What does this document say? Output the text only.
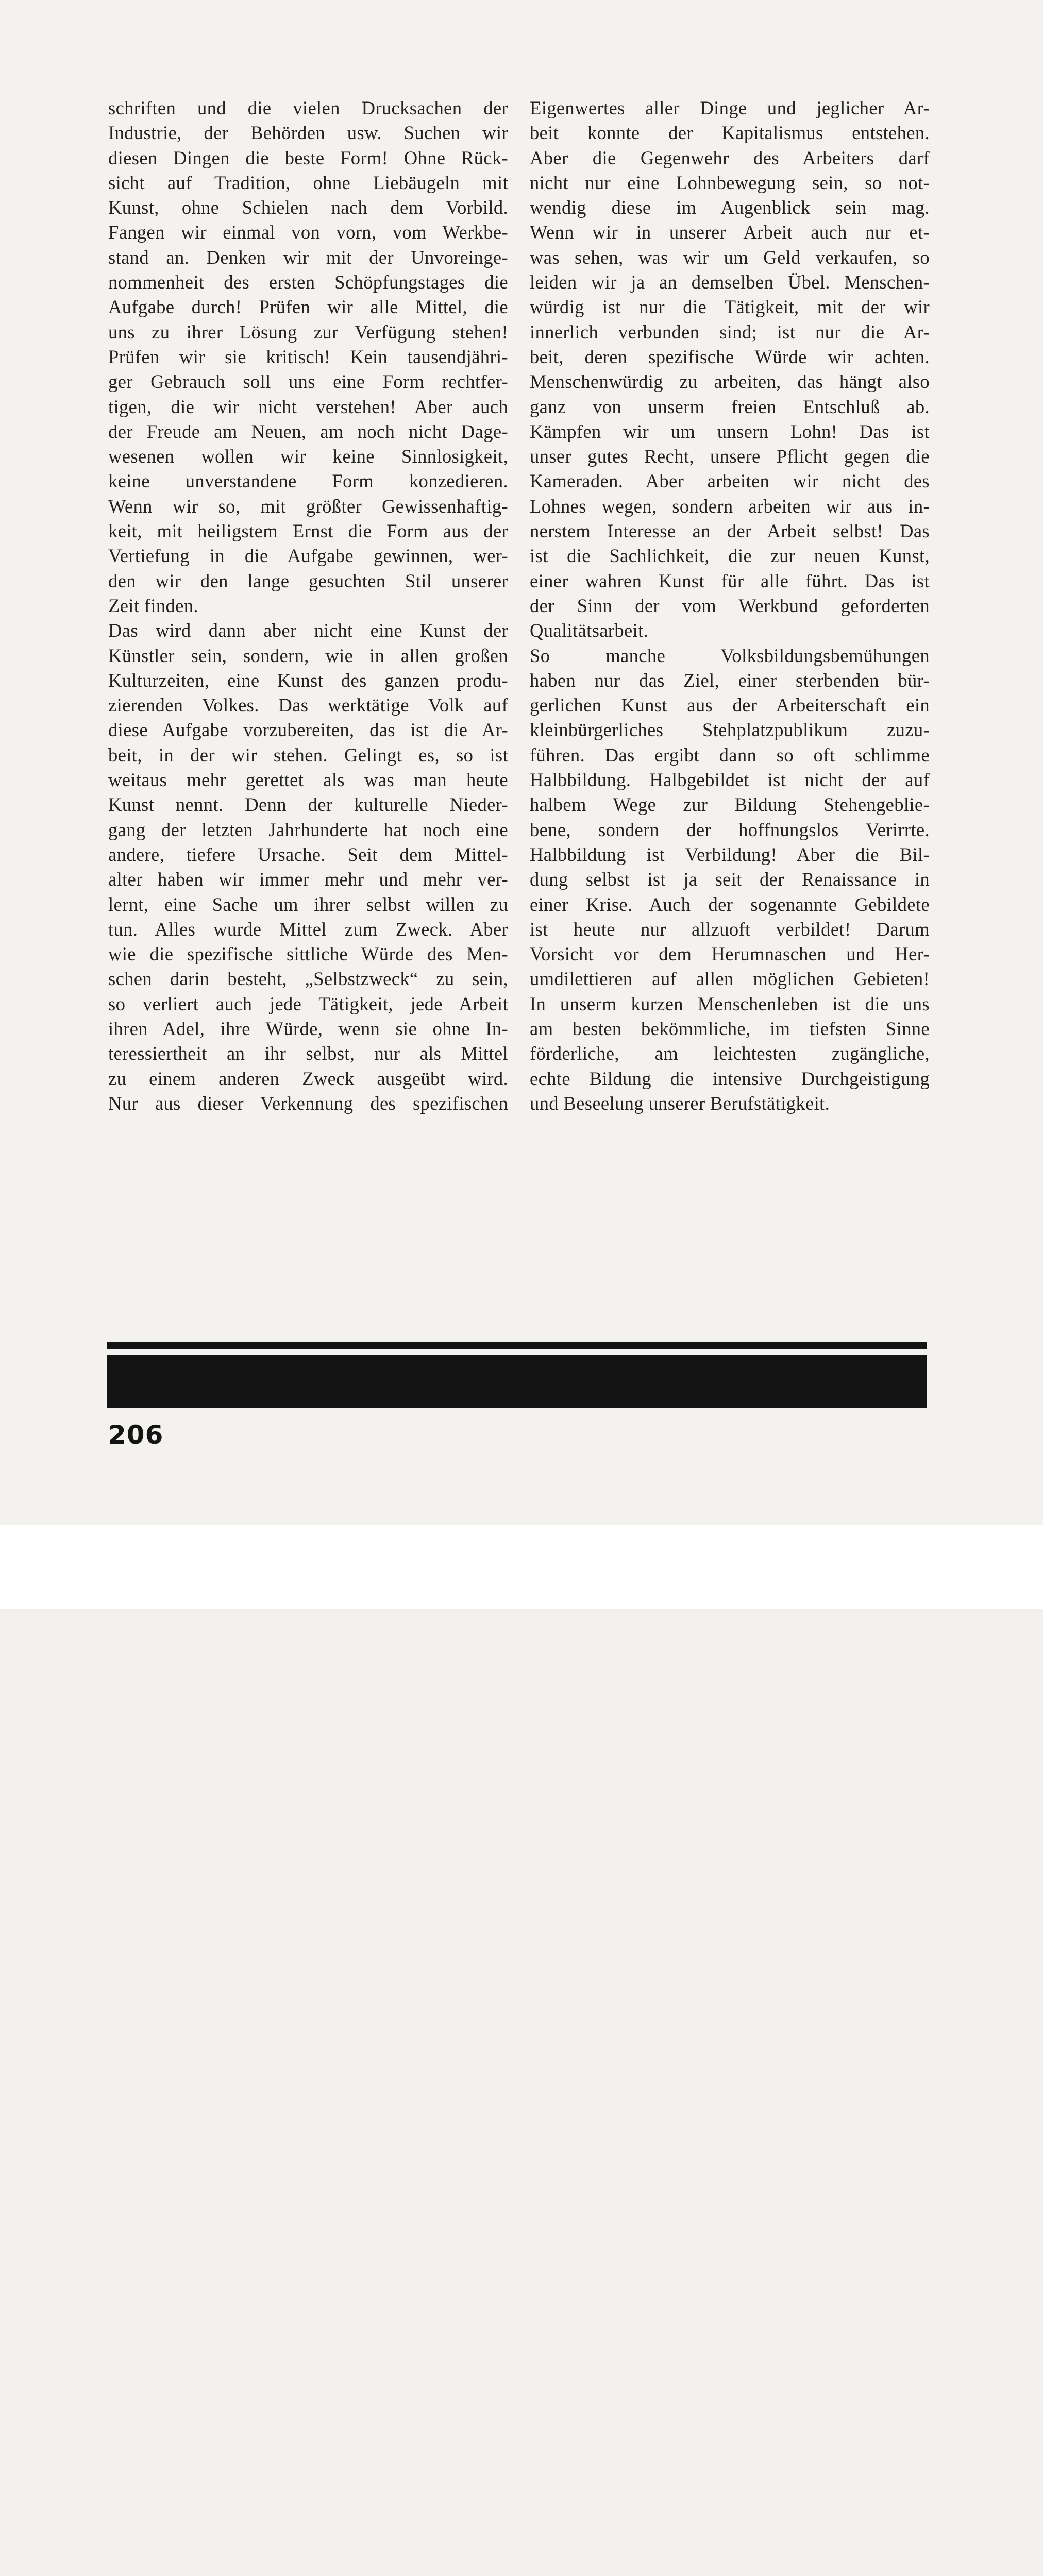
schriften und die vielen Drucksachen der
Industrie, der Behörden usw. Suchen wir
diesen Dingen die beste Form! Ohne Rück-
sicht auf Tradition, ohne Liebäugeln mit
Kunst, ohne Schielen nach dem Vorbild.
Fangen wir einmal von vorn, vom Werkbe-
stand an. Denken wir mit der Unvoreinge-
nommenheit des ersten Schöpfungstages die
Aufgabe durch! Prüfen wir alle Mittel, die
uns zu ihrer Lösung zur Verfügung stehen!
Prüfen wir sie kritisch! Kein tausendjähri-
ger Gebrauch soll uns eine Form rechtfer-
tigen, die wir nicht verstehen! Aber auch
der Freude am Neuen, am noch nicht Dage-
wesenen wollen wir keine Sinnlosigkeit,
keine unverstandene Form konzedieren.
Wenn wir so, mit größter Gewissenhaftig-
keit, mit heiligstem Ernst die Form aus der
Vertiefung in die Aufgabe gewinnen, wer-
den wir den lange gesuchten Stil unserer
Zeit finden.
Das wird dann aber nicht eine Kunst der
Künstler sein, sondern, wie in allen großen
Kulturzeiten, eine Kunst des ganzen produ-
zierenden Volkes. Das werktätige Volk auf
diese Aufgabe vorzubereiten, das ist die Ar-
beit, in der wir stehen. Gelingt es, so ist
weitaus mehr gerettet als was man heute
Kunst nennt. Denn der kulturelle Nieder-
gang der letzten Jahrhunderte hat noch eine
andere, tiefere Ursache. Seit dem Mittel-
alter haben wir immer mehr und mehr ver-
lernt, eine Sache um ihrer selbst willen zu
tun. Alles wurde Mittel zum Zweck. Aber
wie die spezifische sittliche Würde des Men-
schen darin besteht, „Selbstzweck“ zu sein,
so verliert auch jede Tätigkeit, jede Arbeit
ihren Adel, ihre Würde, wenn sie ohne In-
teressiertheit an ihr selbst, nur als Mittel
zu einem anderen Zweck ausgeübt wird.
Nur aus dieser Verkennung des spezifischen
Eigenwertes aller Dinge und jeglicher Ar-
beit konnte der Kapitalismus entstehen.
Aber die Gegenwehr des Arbeiters darf
nicht nur eine Lohnbewegung sein, so not-
wendig diese im Augenblick sein mag.
Wenn wir in unserer Arbeit auch nur et-
was sehen, was wir um Geld verkaufen, so
leiden wir ja an demselben Übel. Menschen-
würdig ist nur die Tätigkeit, mit der wir
innerlich verbunden sind; ist nur die Ar-
beit, deren spezifische Würde wir achten.
Menschenwürdig zu arbeiten, das hängt also
ganz von unserm freien Entschluß ab.
Kämpfen wir um unsern Lohn! Das ist
unser gutes Recht, unsere Pflicht gegen die
Kameraden. Aber arbeiten wir nicht des
Lohnes wegen, sondern arbeiten wir aus in-
nerstem Interesse an der Arbeit selbst! Das
ist die Sachlichkeit, die zur neuen Kunst,
einer wahren Kunst für alle führt. Das ist
der Sinn der vom Werkbund geforderten
Qualitätsarbeit.
So manche Volksbildungsbemühungen
haben nur das Ziel, einer sterbenden bür-
gerlichen Kunst aus der Arbeiterschaft ein
kleinbürgerliches Stehplatzpublikum zuzu-
führen. Das ergibt dann so oft schlimme
Halbbildung. Halbgebildet ist nicht der auf
halbem Wege zur Bildung Stehengeblie-
bene, sondern der hoffnungslos Verirrte.
Halbbildung ist Verbildung! Aber die Bil-
dung selbst ist ja seit der Renaissance in
einer Krise. Auch der sogenannte Gebildete
ist heute nur allzuoft verbildet! Darum
Vorsicht vor dem Herumnaschen und Her-
umdilettieren auf allen möglichen Gebieten!
In unserm kurzen Menschenleben ist die uns
am besten bekömmliche, im tiefsten Sinne
förderliche, am leichtesten zugängliche,
echte Bildung die intensive Durchgeistigung
und Beseelung unserer Berufstätigkeit.
206
